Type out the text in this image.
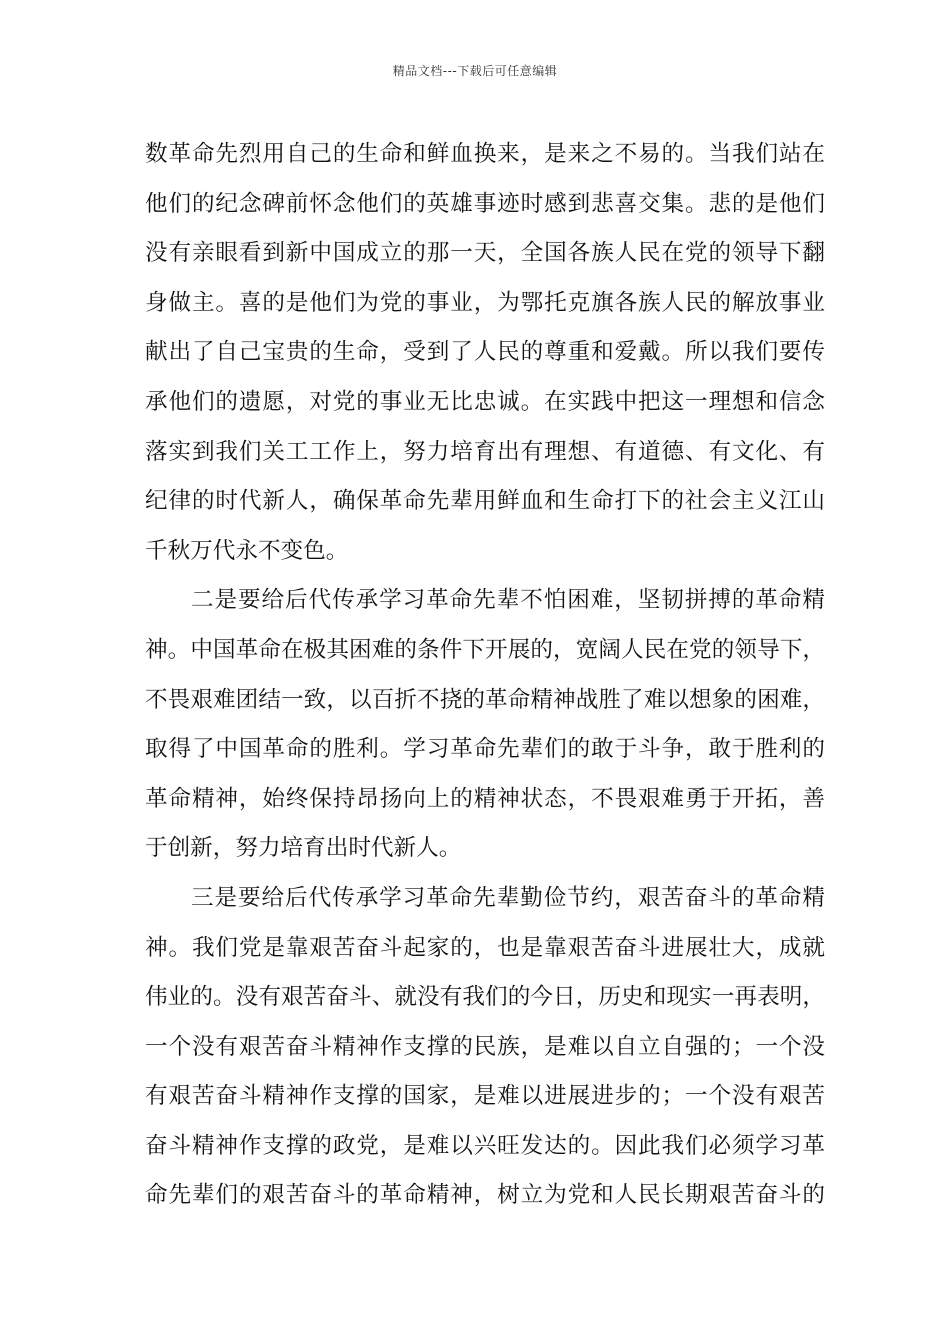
精品文档---下载后可任意编辑
数革命先烈用自己的生命和鲜血换来，是来之不易的。当我们站在
他们的纪念碑前怀念他们的英雄事迹时感到悲喜交集。悲的是他们
没有亲眼看到新中国成立的那一天，全国各族人民在党的领导下翻
身做主。喜的是他们为党的事业，为鄂托克旗各族人民的解放事业
献出了自己宝贵的生命，受到了人民的尊重和爱戴。所以我们要传
承他们的遗愿，对党的事业无比忠诚。在实践中把这一理想和信念
落实到我们关工工作上，努力培育出有理想、有道德、有文化、有
纪律的时代新人，确保革命先辈用鲜血和生命打下的社会主义江山
千秋万代永不变色。
二是要给后代传承学习革命先辈不怕困难，坚韧拼搏的革命精
神。中国革命在极其困难的条件下开展的，宽阔人民在党的领导下，
不畏艰难团结一致，以百折不挠的革命精神战胜了难以想象的困难，
取得了中国革命的胜利。学习革命先辈们的敢于斗争，敢于胜利的
革命精神，始终保持昂扬向上的精神状态，不畏艰难勇于开拓，善
于创新，努力培育出时代新人。
三是要给后代传承学习革命先辈勤俭节约，艰苦奋斗的革命精
神。我们党是靠艰苦奋斗起家的，也是靠艰苦奋斗进展壮大，成就
伟业的。没有艰苦奋斗、就没有我们的今日，历史和现实一再表明，
一个没有艰苦奋斗精神作支撑的民族，是难以自立自强的；一个没
有艰苦奋斗精神作支撑的国家，是难以进展进步的；一个没有艰苦
奋斗精神作支撑的政党，是难以兴旺发达的。因此我们必须学习革
命先辈们的艰苦奋斗的革命精神，树立为党和人民长期艰苦奋斗的
